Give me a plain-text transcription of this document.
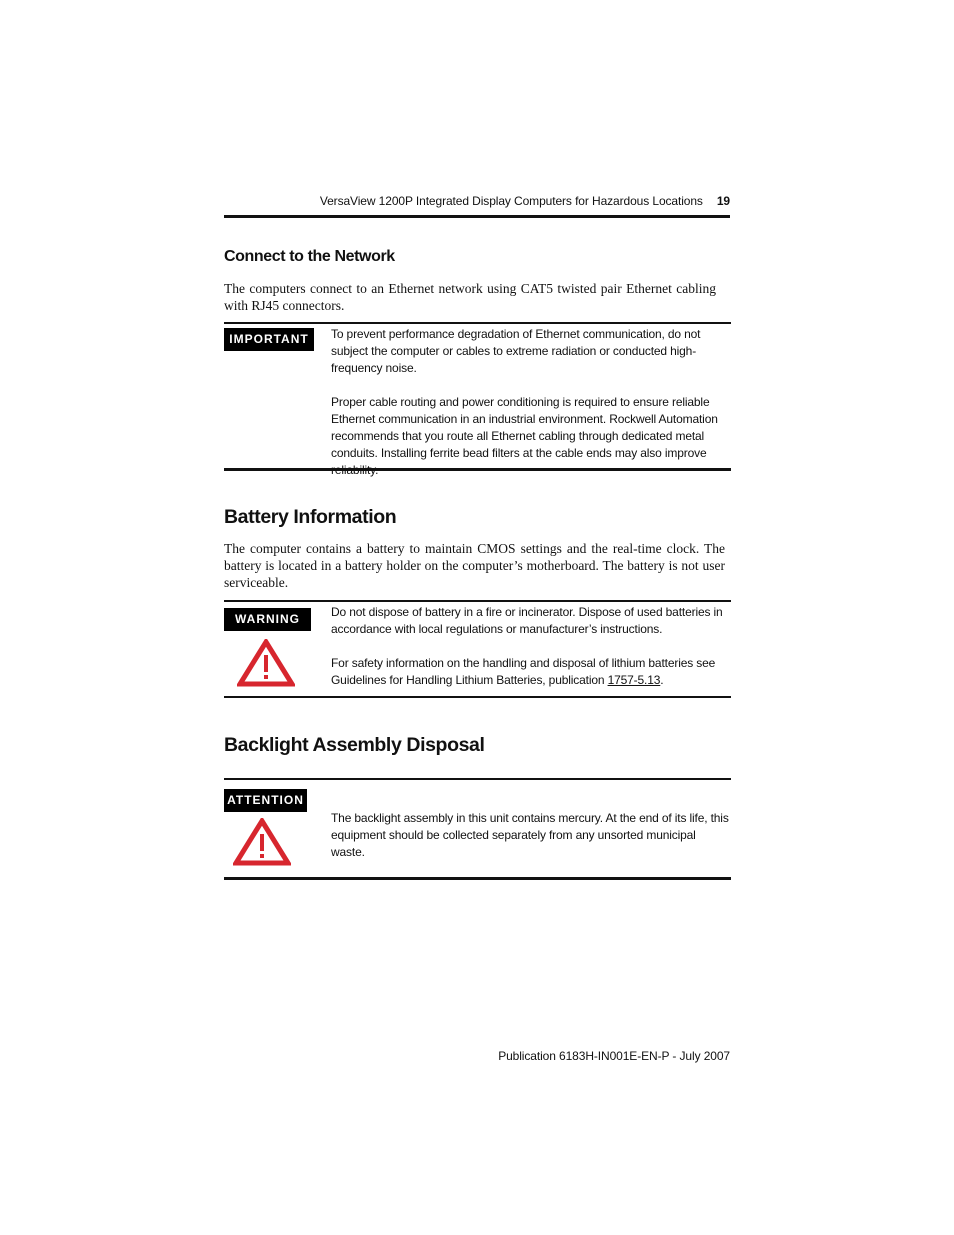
VersaView 1200P Integrated Display Computers for Hazardous Locations 19
Connect to the Network
The computers connect to an Ethernet network using CAT5 twisted pair Ethernet cabling with RJ45 connectors.
IMPORTANT	To prevent performance degradation of Ethernet communication, do not subject the computer or cables to extreme radiation or conducted high-frequency noise.

Proper cable routing and power conditioning is required to ensure reliable Ethernet communication in an industrial environment. Rockwell Automation recommends that you route all Ethernet cabling through dedicated metal conduits. Installing ferrite bead filters at the cable ends may also improve

Battery Information
The computer contains a battery to maintain CMOS settings and the real-time clock. The battery is located in a battery holder on the computer’s motherboard. The battery is not user serviceable.
WARNING	Do not dispose of battery in a fire or incinerator. Dispose of used batteries in accordance with local regulations or manufacturer’s instructions.

For safety information on the handling and disposal of lithium batteries see Guidelines for Handling Lithium Batteries, publication 1757-5.13.

Backlight Assembly Disposal
ATTENTION

The backlight assembly in this unit contains mercury. At the end of its life, this equipment should be collected separately from any unsorted municipal waste.

Publication 6183H-IN001E-EN-P - July 2007
